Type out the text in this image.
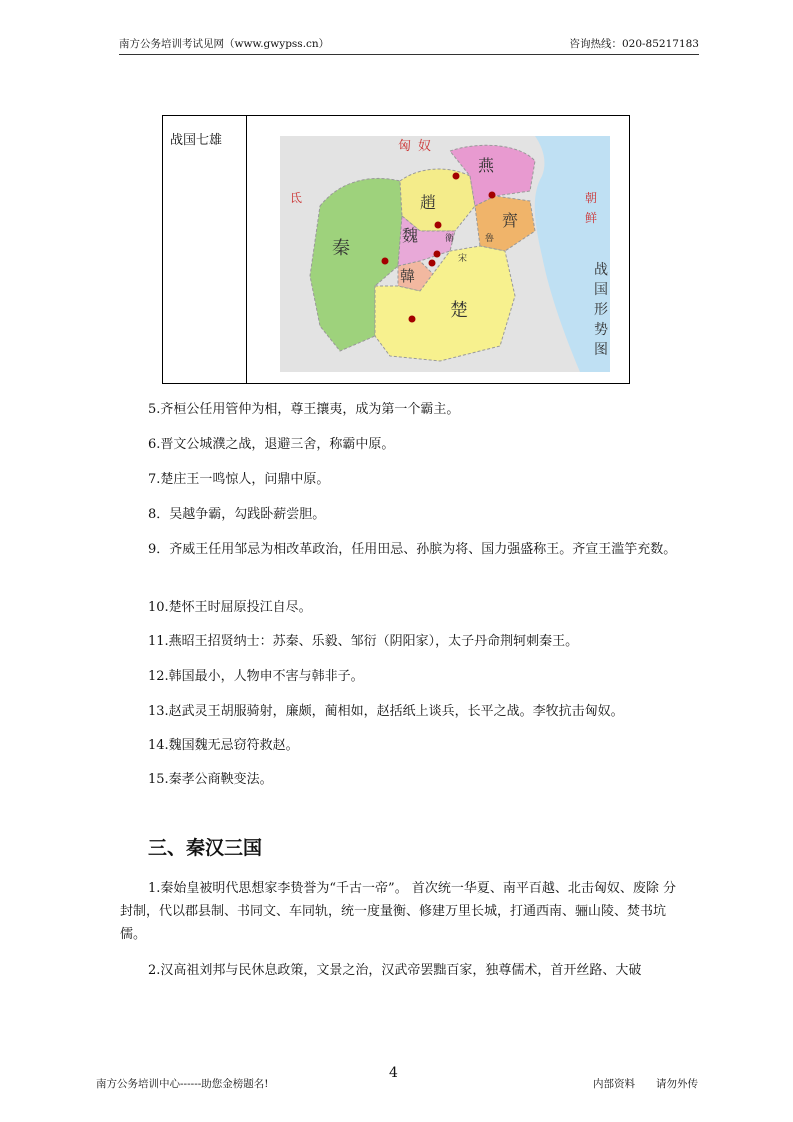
南方公务培训考试见网（www.gwypss.cn）	咨询热线：020-85217183
战国七雄
秦
趙
魏
韓
楚
燕
齊
衛
宋
魯
匈 奴
朝
鲜
氐
战
国
形
势
图
5.齐桓公任用管仲为相，尊王攘夷，成为第一个霸主。
6.晋文公城濮之战，退避三舍，称霸中原。
7.楚庄王一鸣惊人，问鼎中原。
8．吴越争霸，勾践卧薪尝胆。
9．齐威王任用邹忌为相改革政治，任用田忌、孙膑为将、国力强盛称王。齐宣王滥竽充数。
10.楚怀王时屈原投江自尽。
11.燕昭王招贤纳士：苏秦、乐毅、邹衍（阴阳家），太子丹命荆轲刺秦王。
12.韩国最小，人物申不害与韩非子。
13.赵武灵王胡服骑射，廉颇，蔺相如，赵括纸上谈兵，长平之战。李牧抗击匈奴。
14.魏国魏无忌窃符救赵。
15.秦孝公商鞅变法。
三、秦汉三国
1.秦始皇被明代思想家李贽誉为“千古一帝”。 首次统一华夏、南平百越、北击匈奴、废除 分封制，代以郡县制、书同文、车同轨，统一度量衡、修建万里长城，打通西南、骊山陵、焚书坑儒。
2.汉高祖刘邦与民休息政策，文景之治，汉武帝罢黜百家，独尊儒术，首开丝路、大破
南方公务培训中心------助您金榜题名!
4
内部资料 请勿外传
